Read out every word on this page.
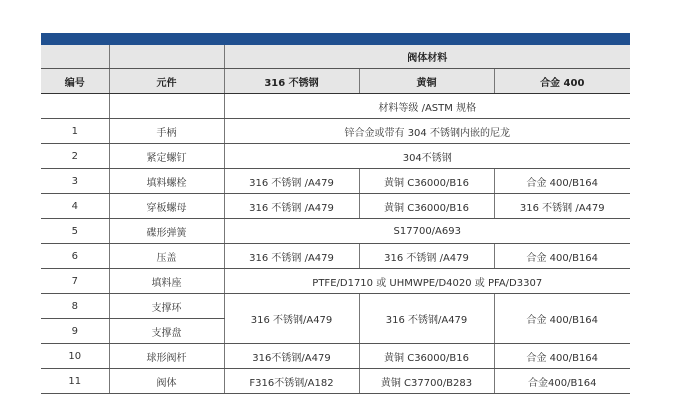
		阀体材料		
编号	元件	316 不锈钢	黄铜	合金 400
		材料等级 /ASTM 规格		
1	手柄	锌合金或带有 304 不锈钢内嵌的尼龙		
2	紧定螺钉	304不锈钢		
3	填料螺栓	316 不锈钢 /A479	黄铜 C36000/B16	合金 400/B164
4	穿板螺母	316 不锈钢 /A479	黄铜 C36000/B16	316 不锈钢 /A479
5	碟形弹簧	S17700/A693		
6	压盖	316 不锈钢 /A479	316 不锈钢 /A479	合金 400/B164
7	填料座	PTFE/D1710 或 UHMWPE/D4020 或 PFA/D3307		
8	支撑环	316 不锈钢/A479	316 不锈钢/A479	合金 400/B164
9	支撑盘			
10	球形阀杆	316不锈钢/A479	黄铜 C36000/B16	合金 400/B164
11	阀体	F316不锈钢/A182	黄铜 C37700/B283	合金400/B164
